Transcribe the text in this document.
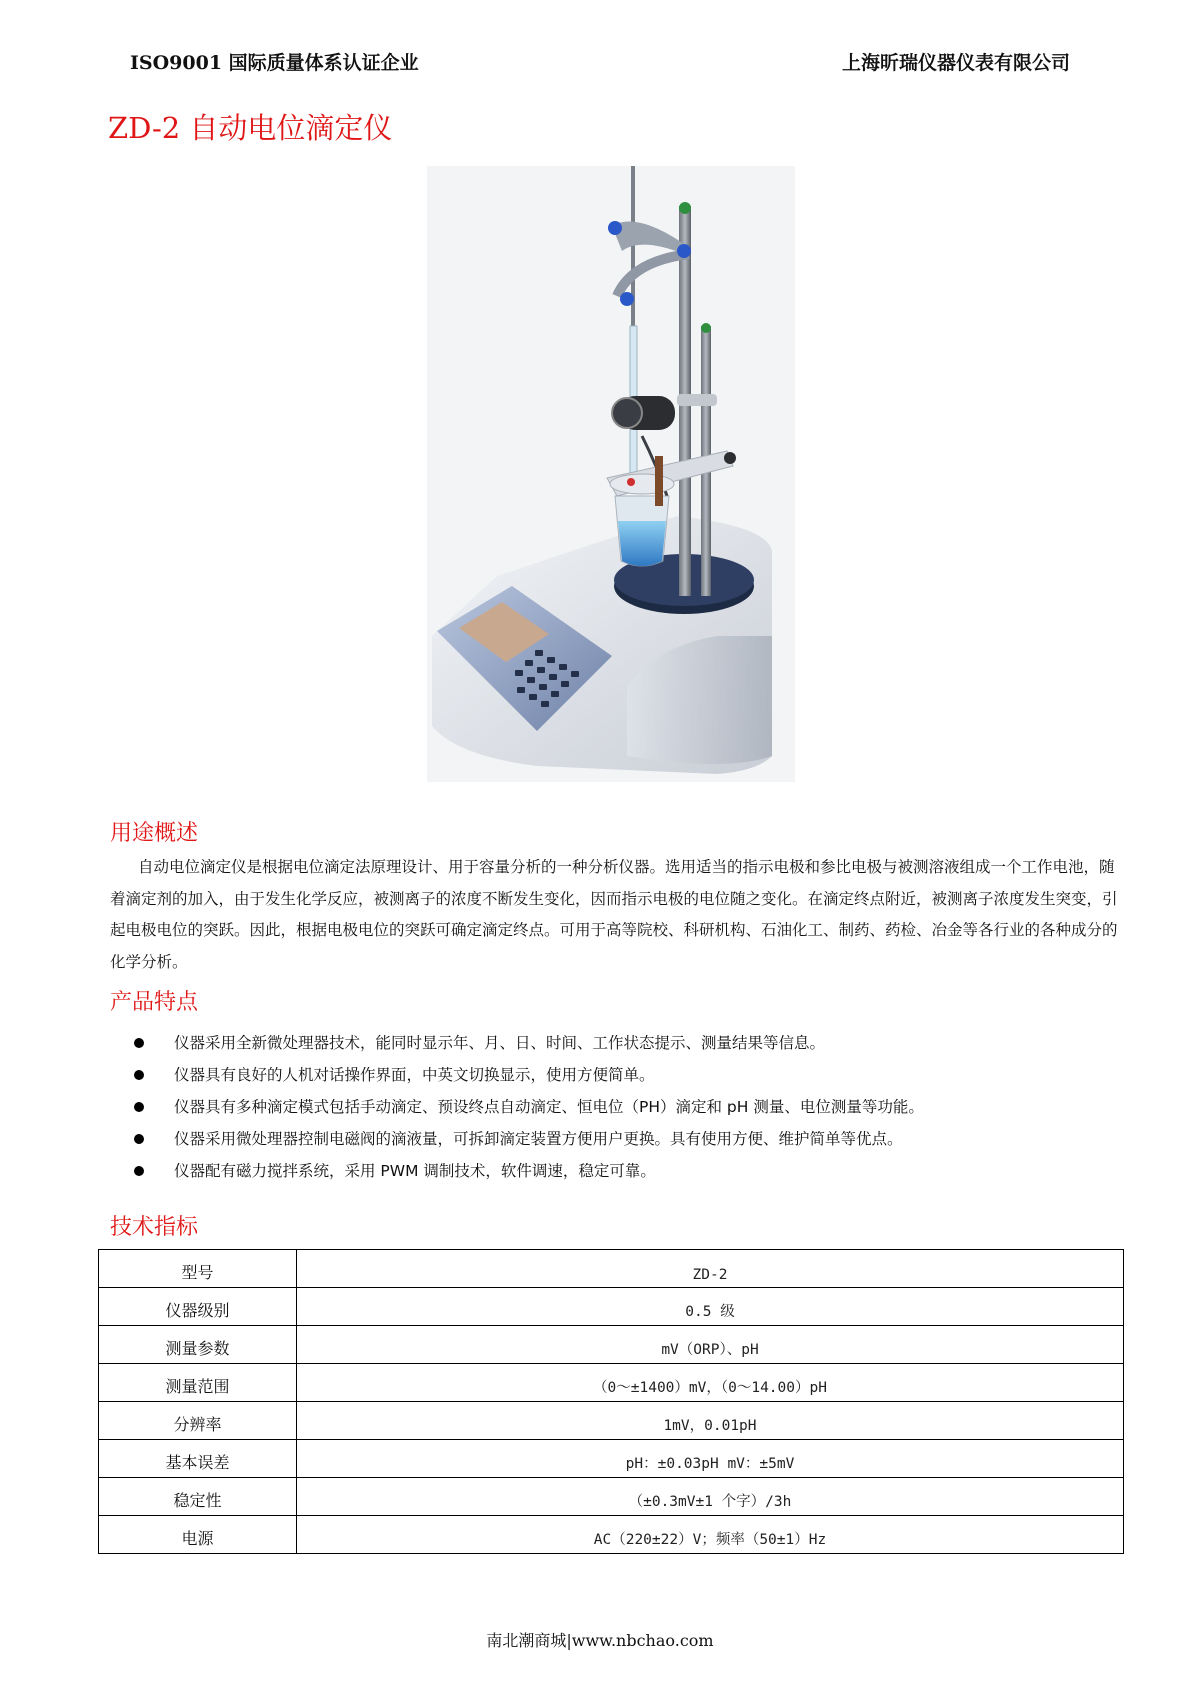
ISO9001 国际质量体系认证企业	上海昕瑞仪器仪表有限公司
ZD-2 自动电位滴定仪
用途概述
自动电位滴定仪是根据电位滴定法原理设计、用于容量分析的一种分析仪器。选用适当的指示电极和参比电极与被测溶液组成一个工作电池，随着滴定剂的加入，由于发生化学反应，被测离子的浓度不断发生变化，因而指示电极的电位随之变化。在滴定终点附近，被测离子浓度发生突变，引起电极电位的突跃。因此，根据电极电位的突跃可确定滴定终点。可用于高等院校、科研机构、石油化工、制药、药检、冶金等各行业的各种成分的化学分析。
产品特点
仪器采用全新微处理器技术，能同时显示年、月、日、时间、工作状态提示、测量结果等信息。
仪器具有良好的人机对话操作界面，中英文切换显示，使用方便简单。
仪器具有多种滴定模式包括手动滴定、预设终点自动滴定、恒电位（PH）滴定和 pH 测量、电位测量等功能。
仪器采用微处理器控制电磁阀的滴液量，可拆卸滴定装置方便用户更换。具有使用方便、维护简单等优点。
仪器配有磁力搅拌系统，采用 PWM 调制技术，软件调速，稳定可靠。
技术指标
型号	ZD-2
仪器级别	0.5 级
测量参数	mV（ORP）、pH
测量范围	（0～±1400）mV，（0～14.00）pH
分辨率	1mV，0.01pH
基本误差	pH：±0.03pH mV：±5mV
稳定性	（±0.3mV±1 个字）/3h
电源	AC（220±22）V；频率（50±1）Hz
南北潮商城|www.nbchao.com
